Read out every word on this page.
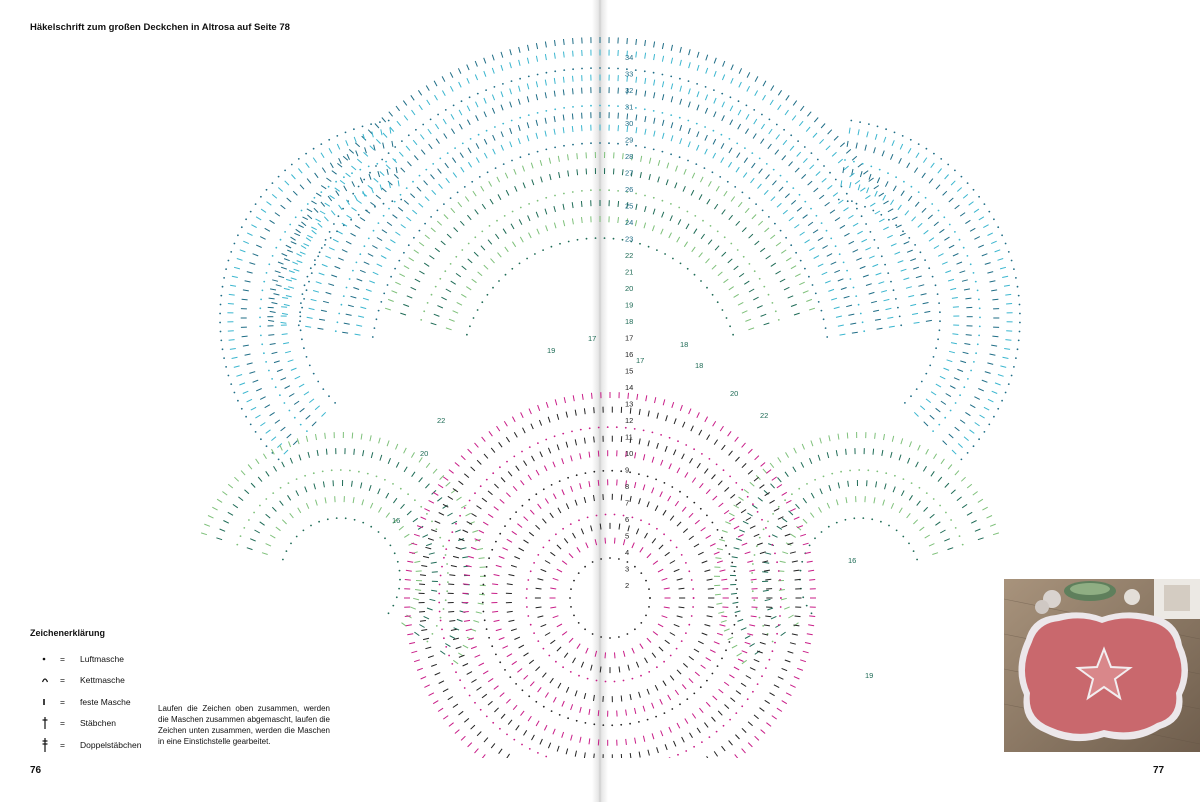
Häkelschrift zum großen Deckchen in Altrosa auf Seite 78
2
3
4
5
6
7
8
9
10
11
12
13
14
15
16
17
18
19
20
21
22
23
24
25
26
27
28
29
30
31
32
33
34
16
20
22
17
18
19
16
20
22
17
18
19
Zeichenerklärung
=	Luftmasche
=	Kettmasche
=	feste Masche
=	Stäbchen
=	Doppelstäbchen
Laufen die Zeichen oben zusammen, werden die Maschen zusammen abgemascht, laufen die Zeichen unten zusammen, werden die Maschen in eine Einstichstelle gearbeitet.
76	77
